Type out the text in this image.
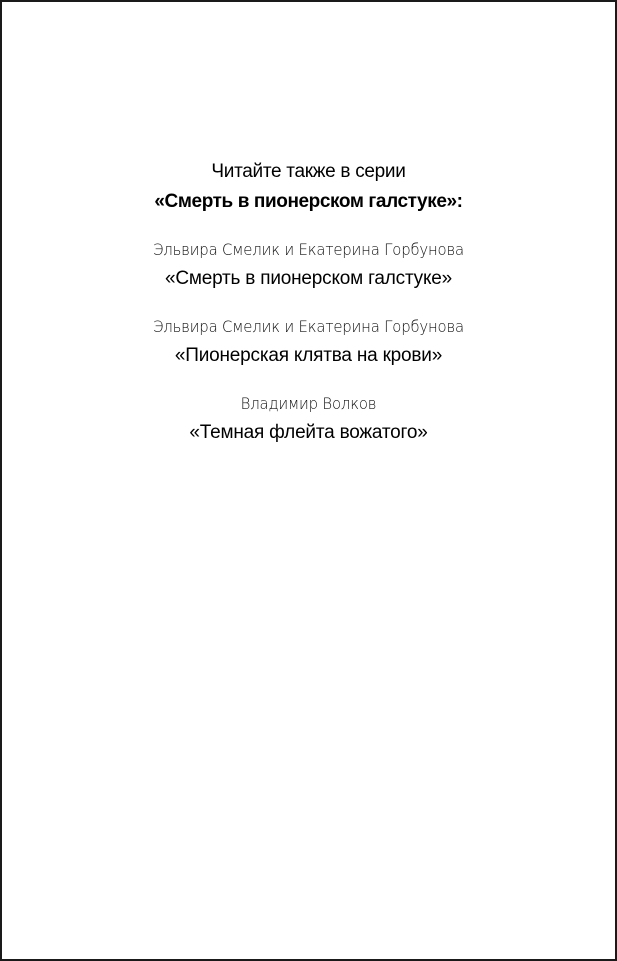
Читайте также в серии
«Смерть в пионерском галстуке»:
Эльвира Смелик и Екатерина Горбунова
«Смерть в пионерском галстуке»
Эльвира Смелик и Екатерина Горбунова
«Пионерская клятва на крови»
Владимир Волков
«Темная флейта вожатого»
